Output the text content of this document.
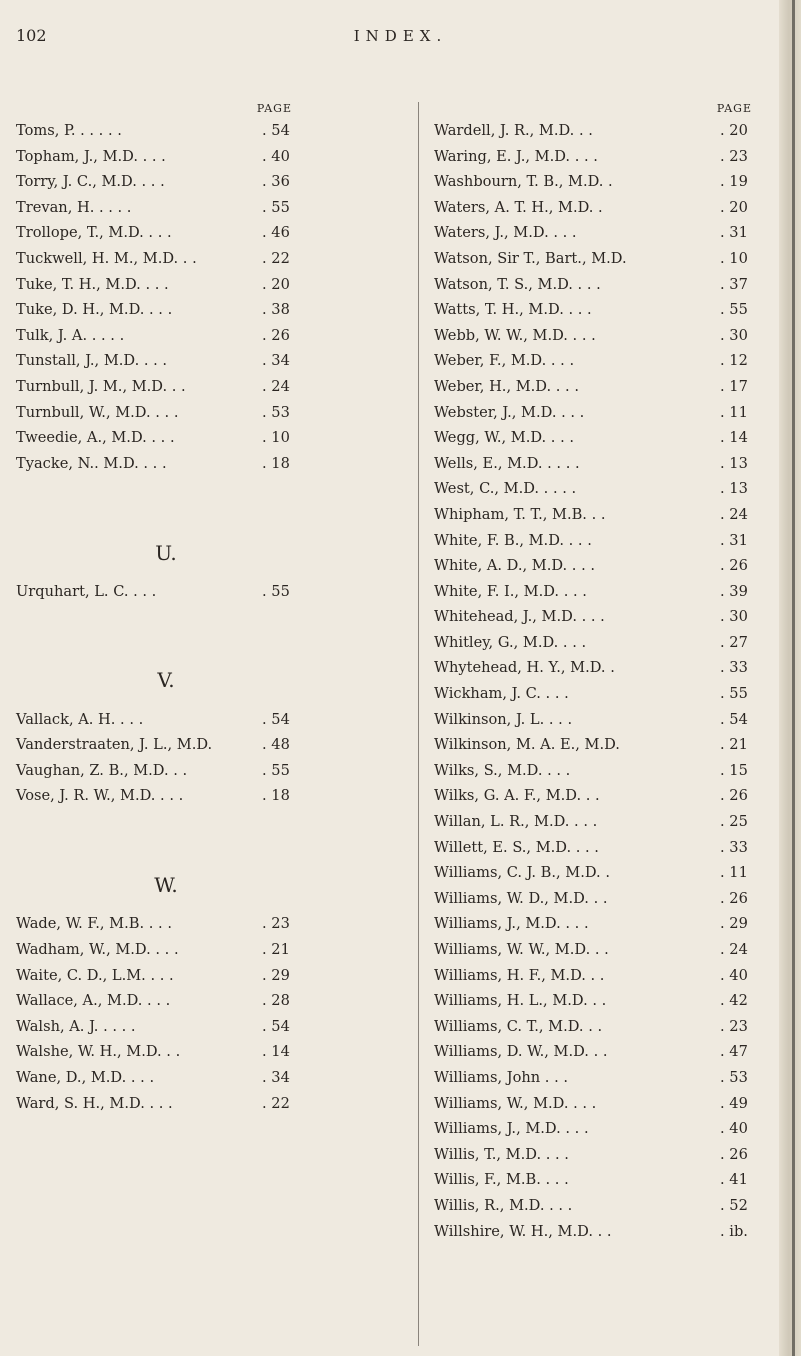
102	INDEX.
PAGE
Toms, P. . . . . .	. 54
Topham, J., M.D. . . .	. 40
Torry, J. C., M.D. . . .	. 36
Trevan, H. . . . .	. 55
Trollope, T., M.D. . . .	. 46
Tuckwell, H. M., M.D. . .	. 22
Tuke, T. H., M.D. . . .	. 20
Tuke, D. H., M.D. . . .	. 38
Tulk, J. A. . . . .	. 26
Tunstall, J., M.D. . . .	. 34
Turnbull, J. M., M.D. . .	. 24
Turnbull, W., M.D. . . .	. 53
Tweedie, A., M.D. . . .	. 10
Tyacke, N.. M.D. . . .	. 18
U.
Urquhart, L. C. . . .	. 55
V.
Vallack, A. H. . . .	. 54
Vanderstraaten, J. L., M.D.	. 48
Vaughan, Z. B., M.D. . .	. 55
Vose, J. R. W., M.D. . . .	. 18
W.
Wade, W. F., M.B. . . .	. 23
Wadham, W., M.D. . . .	. 21
Waite, C. D., L.M. . . .	. 29
Wallace, A., M.D. . . .	. 28
Walsh, A. J. . . . .	. 54
Walshe, W. H., M.D. . .	. 14
Wane, D., M.D. . . .	. 34
Ward, S. H., M.D. . . .	. 22
PAGE
Wardell, J. R., M.D. . .	. 20
Waring, E. J., M.D. . . .	. 23
Washbourn, T. B., M.D. .	. 19
Waters, A. T. H., M.D. .	. 20
Waters, J., M.D. . . .	. 31
Watson, Sir T., Bart., M.D.	. 10
Watson, T. S., M.D. . . .	. 37
Watts, T. H., M.D. . . .	. 55
Webb, W. W., M.D. . . .	. 30
Weber, F., M.D. . . .	. 12
Weber, H., M.D. . . .	. 17
Webster, J., M.D. . . .	. 11
Wegg, W., M.D. . . .	. 14
Wells, E., M.D. . . . .	. 13
West, C., M.D. . . . .	. 13
Whipham, T. T., M.B. . .	. 24
White, F. B., M.D. . . .	. 31
White, A. D., M.D. . . .	. 26
White, F. I., M.D. . . .	. 39
Whitehead, J., M.D. . . .	. 30
Whitley, G., M.D. . . .	. 27
Whytehead, H. Y., M.D. .	. 33
Wickham, J. C. . . .	. 55
Wilkinson, J. L. . . .	. 54
Wilkinson, M. A. E., M.D.	. 21
Wilks, S., M.D. . . .	. 15
Wilks, G. A. F., M.D. . .	. 26
Willan, L. R., M.D. . . .	. 25
Willett, E. S., M.D. . . .	. 33
Williams, C. J. B., M.D. .	. 11
Williams, W. D., M.D. . .	. 26
Williams, J., M.D. . . .	. 29
Williams, W. W., M.D. . .	. 24
Williams, H. F., M.D. . .	. 40
Williams, H. L., M.D. . .	. 42
Williams, C. T., M.D. . .	. 23
Williams, D. W., M.D. . .	. 47
Williams, John . . .	. 53
Williams, W., M.D. . . .	. 49
Williams, J., M.D. . . .	. 40
Willis, T., M.D. . . .	. 26
Willis, F., M.B. . . .	. 41
Willis, R., M.D. . . .	. 52
Willshire, W. H., M.D. . .	. ib.
